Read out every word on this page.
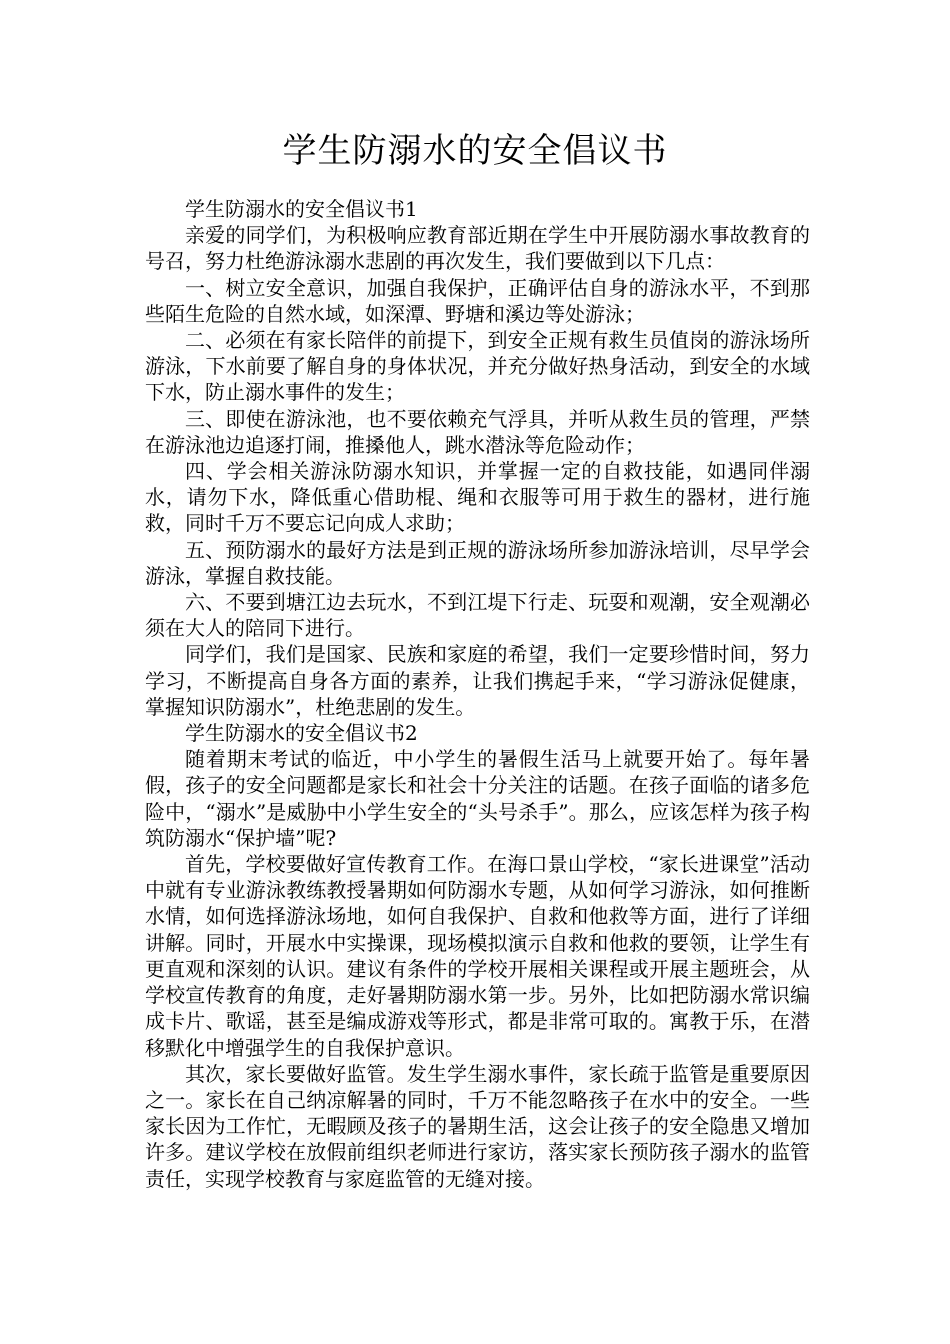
学生防溺水的安全倡议书

学生防溺水的安全倡议书1

亲爱的同学们，为积极响应教育部近期在学生中开展防溺水事故教育的号召，努力杜绝游泳溺水悲剧的再次发生，我们要做到以下几点：

一、树立安全意识，加强自我保护，正确评估自身的游泳水平，不到那些陌生危险的自然水域，如深潭、野塘和溪边等处游泳；

二、必须在有家长陪伴的前提下，到安全正规有救生员值岗的游泳场所游泳，下水前要了解自身的身体状况，并充分做好热身活动，到安全的水域下水，防止溺水事件的发生；

三、即使在游泳池，也不要依赖充气浮具，并听从救生员的管理，严禁在游泳池边追逐打闹，推搡他人，跳水潜泳等危险动作；

四、学会相关游泳防溺水知识，并掌握一定的自救技能，如遇同伴溺水，请勿下水，降低重心借助棍、绳和衣服等可用于救生的器材，进行施救，同时千万不要忘记向成人求助；

五、预防溺水的最好方法是到正规的游泳场所参加游泳培训，尽早学会游泳，掌握自救技能。

六、不要到塘江边去玩水，不到江堤下行走、玩耍和观潮，安全观潮必须在大人的陪同下进行。

同学们，我们是国家、民族和家庭的希望，我们一定要珍惜时间，努力学习，不断提高自身各方面的素养，让我们携起手来，“学习游泳促健康，掌握知识防溺水”，杜绝悲剧的发生。

学生防溺水的安全倡议书2

随着期末考试的临近，中小学生的暑假生活马上就要开始了。每年暑假，孩子的安全问题都是家长和社会十分关注的话题。在孩子面临的诸多危险中，“溺水”是威胁中小学生安全的“头号杀手”。那么，应该怎样为孩子构筑防溺水“保护墙”呢?

首先，学校要做好宣传教育工作。在海口景山学校，“家长进课堂”活动中就有专业游泳教练教授暑期如何防溺水专题，从如何学习游泳，如何推断水情，如何选择游泳场地，如何自我保护、自救和他救等方面，进行了详细讲解。同时，开展水中实操课，现场模拟演示自救和他救的要领，让学生有更直观和深刻的认识。建议有条件的学校开展相关课程或开展主题班会，从学校宣传教育的角度，走好暑期防溺水第一步。另外，比如把防溺水常识编成卡片、歌谣，甚至是编成游戏等形式，都是非常可取的。寓教于乐，在潜移默化中增强学生的自我保护意识。

其次，家长要做好监管。发生学生溺水事件，家长疏于监管是重要原因之一。家长在自己纳凉解暑的同时，千万不能忽略孩子在水中的安全。一些家长因为工作忙，无暇顾及孩子的暑期生活，这会让孩子的安全隐患又增加许多。建议学校在放假前组织老师进行家访，落实家长预防孩子溺水的监管责任，实现学校教育与家庭监管的无缝对接。
